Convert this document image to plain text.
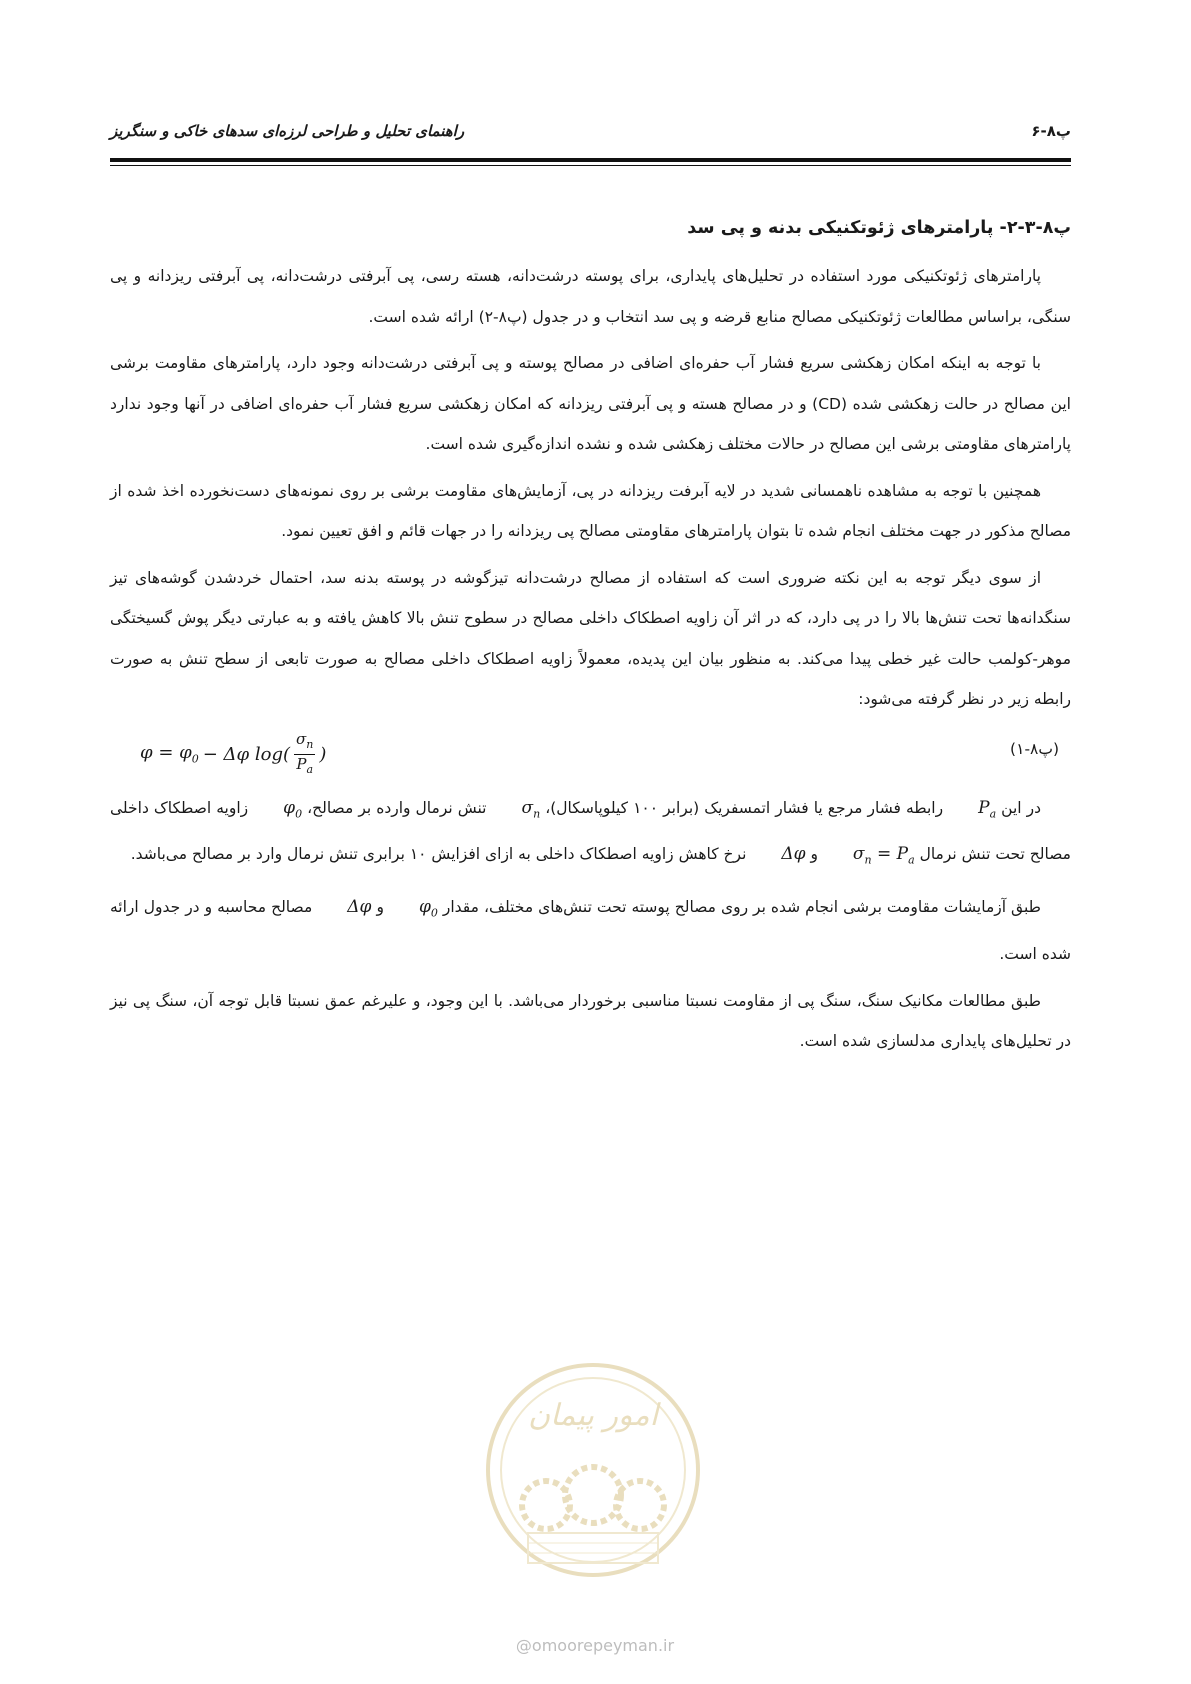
راهنمای تحلیل و طراحی لرزه‌ای سدهای خاکی و سنگریز	پ۸-۶
پ۸-۳-۲- پارامترهای ژئوتکنیکی بدنه و پی سد

پارامترهای ژئوتکنیکی مورد استفاده در تحلیل‌های پایداری، برای پوسته درشت‌دانه، هسته رسی، پی آبرفتی درشت‌دانه، پی آبرفتی ریزدانه و پی سنگی، براساس مطالعات ژئوتکنیکی مصالح منابع قرضه و پی سد انتخاب و در جدول (پ۸-۲) ارائه شده است.

با توجه به اینکه امکان زهکشی سریع فشار آب حفره‌ای اضافی در مصالح پوسته و پی آبرفتی درشت‌دانه وجود دارد، پارامترهای مقاومت برشی این مصالح در حالت زهکشی شده (CD) و در مصالح هسته و پی آبرفتی ریزدانه که امکان زهکشی سریع فشار آب حفره‌ای اضافی در آنها وجود ندارد پارامترهای مقاومتی برشی این مصالح در حالات مختلف زهکشی شده و نشده اندازه‌گیری شده است.

همچنین با توجه به مشاهده ناهمسانی شدید در لایه آبرفت ریزدانه در پی، آزمایش‌های مقاومت برشی بر روی نمونه‌های دست‌نخورده اخذ شده از مصالح مذکور در جهت مختلف انجام شده تا بتوان پارامترهای مقاومتی مصالح پی ریزدانه را در جهات قائم و افق تعیین نمود.

از سوی دیگر توجه به این نکته ضروری است که استفاده از مصالح درشت‌دانه تیزگوشه در پوسته بدنه سد، احتمال خردشدن گوشه‌های تیز سنگدانه‌ها تحت تنش‌ها بالا را در پی دارد، که در اثر آن زاویه اصطکاک داخلی مصالح در سطوح تنش بالا کاهش یافته و به عبارتی دیگر پوش گسیختگی موهر-کولمب حالت غیر خطی پیدا می‌کند. به منظور بیان این پدیده، معمولاً زاویه اصطکاک داخلی مصالح به صورت تابعی از سطح تنش به صورت رابطه زیر در نظر گرفته می‌شود:

$\varphi = \varphi_0 - \Delta\varphi$ $\log( \frac{\sigma_n}{P_a}$ )	(پ۸-۱)

در این $P_a$ رابطه فشار مرجع یا فشار اتمسفریک (برابر ۱۰۰ کیلوپاسکال)، $\sigma_n$ تنش نرمال وارده بر مصالح، $\varphi_0$ زاویه اصطکاک داخلی مصالح تحت تنش نرمال $\sigma_n = P_a$ و Δφ نرخ کاهش زاویه اصطکاک داخلی به ازای افزایش ۱۰ برابری تنش نرمال وارد بر مصالح می‌باشد.

طبق آزمایشات مقاومت برشی انجام شده بر روی مصالح پوسته تحت تنش‌های مختلف، مقدار $\varphi_0$ و Δφ مصالح محاسبه و در جدول ارائه شده است.

طبق مطالعات مکانیک سنگ، سنگ پی از مقاومت نسبتا مناسبی برخوردار می‌باشد. با این وجود، و علیرغم عمق نسبتا قابل توجه آن، سنگ پی نیز در تحلیل‌های پایداری مدلسازی شده است.

امور پیمان
@omoorepeyman.ir
